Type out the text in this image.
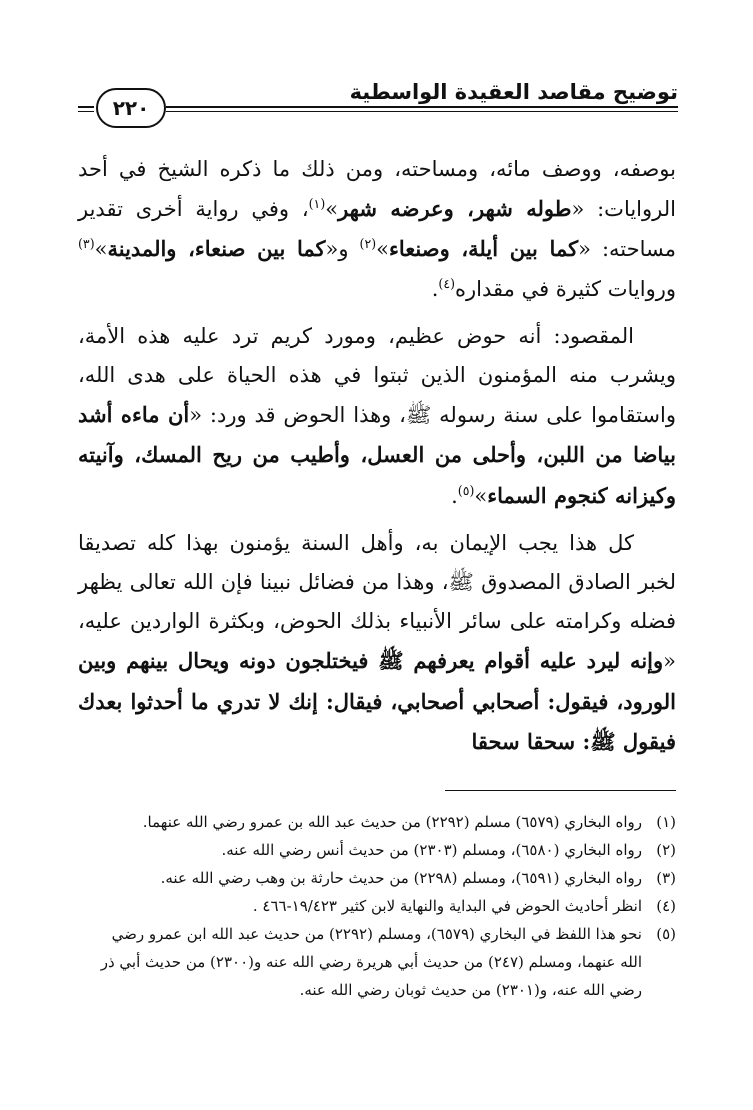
توضيح مقاصد العقيدة الواسطية
٢٢٠

بوصفه، ووصف مائه، ومساحته، ومن ذلك ما ذكره الشيخ في أحد الروايات: «طوله شهر، وعرضه شهر»$^{(١)}$، وفي رواية أخرى تقدير مساحته: «كما بين أيلة، وصنعاء»$^{(٢)}$ و«كما بين صنعاء، والمدينة»$^{(٣)}$ وروايات كثيرة في مقداره$^{(٤)}$.

المقصود: أنه حوض عظيم، ومورد كريم ترد عليه هذه الأمة، ويشرب منه المؤمنون الذين ثبتوا في هذه الحياة على هدى الله، واستقاموا على سنة رسوله ﷺ، وهذا الحوض قد ورد: «أن ماءه أشد بياضا من اللبن، وأحلى من العسل، وأطيب من ريح المسك، وآنيته وكيزانه كنجوم السماء»$^{(٥)}$.

كل هذا يجب الإيمان به، وأهل السنة يؤمنون بهذا كله تصديقا لخبر الصادق المصدوق ﷺ، وهذا من فضائل نبينا فإن الله تعالى يظهر فضله وكرامته على سائر الأنبياء بذلك الحوض، وبكثرة الواردين عليه، «وإنه ليرد عليه أقوام يعرفهم ﷺ فيختلجون دونه ويحال بينهم وبين الورود، فيقول: أصحابي أصحابي، فيقال: إنك لا تدري ما أحدثوا بعدك فيقول ﷺ: سحقا سحقا

(١)
رواه البخاري (٦٥٧٩) مسلم (٢٢٩٢) من حديث عبد الله بن عمرو رضي الله عنهما.
(٢)
رواه البخاري (٦٥٨٠)، ومسلم (٢٣٠٣) من حديث أنس رضي الله عنه.
(٣)
رواه البخاري (٦٥٩١)، ومسلم (٢٢٩٨) من حديث حارثة بن وهب رضي الله عنه.
(٤)
انظر أحاديث الحوض في البداية والنهاية لابن كثير ١٩/٤٢٣-٤٦٦ .
(٥)
نحو هذا اللفظ في البخاري (٦٥٧٩)، ومسلم (٢٢٩٢) من حديث عبد الله ابن عمرو رضي الله عنهما، ومسلم (٢٤٧) من حديث أبي هريرة رضي الله عنه و(٢٣٠٠) من حديث أبي ذر رضي الله عنه، و(٢٣٠١) من حديث ثوبان رضي الله عنه.
